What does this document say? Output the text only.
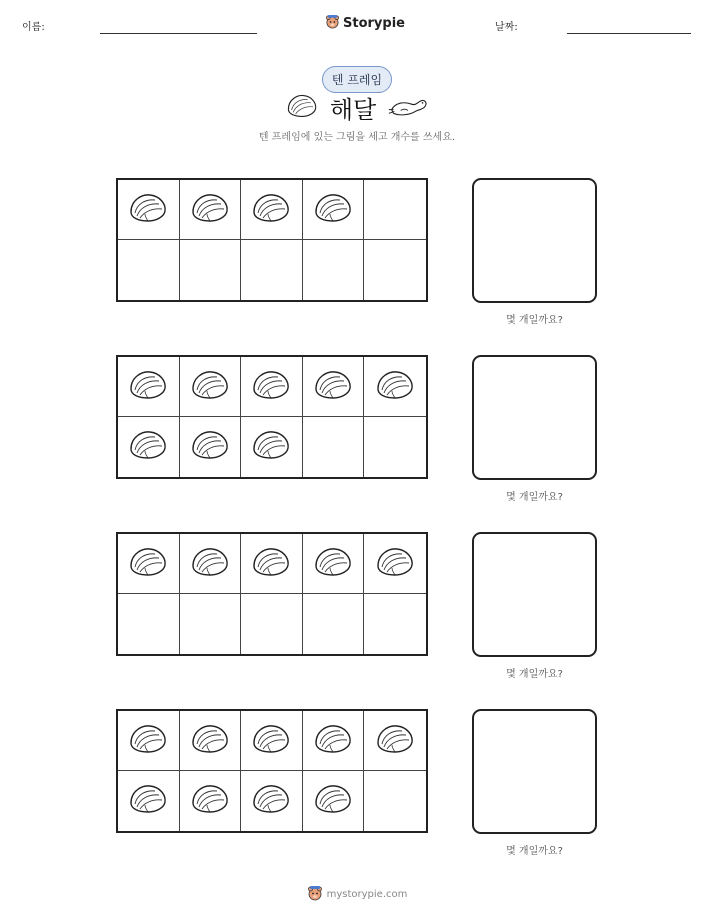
이름:	Storypie	날짜:
텐 프레임
해달
텐 프레임에 있는 그림을 세고 개수를 쓰세요.
몇 개일까요?
몇 개일까요?
몇 개일까요?
몇 개일까요?
mystorypie.com
